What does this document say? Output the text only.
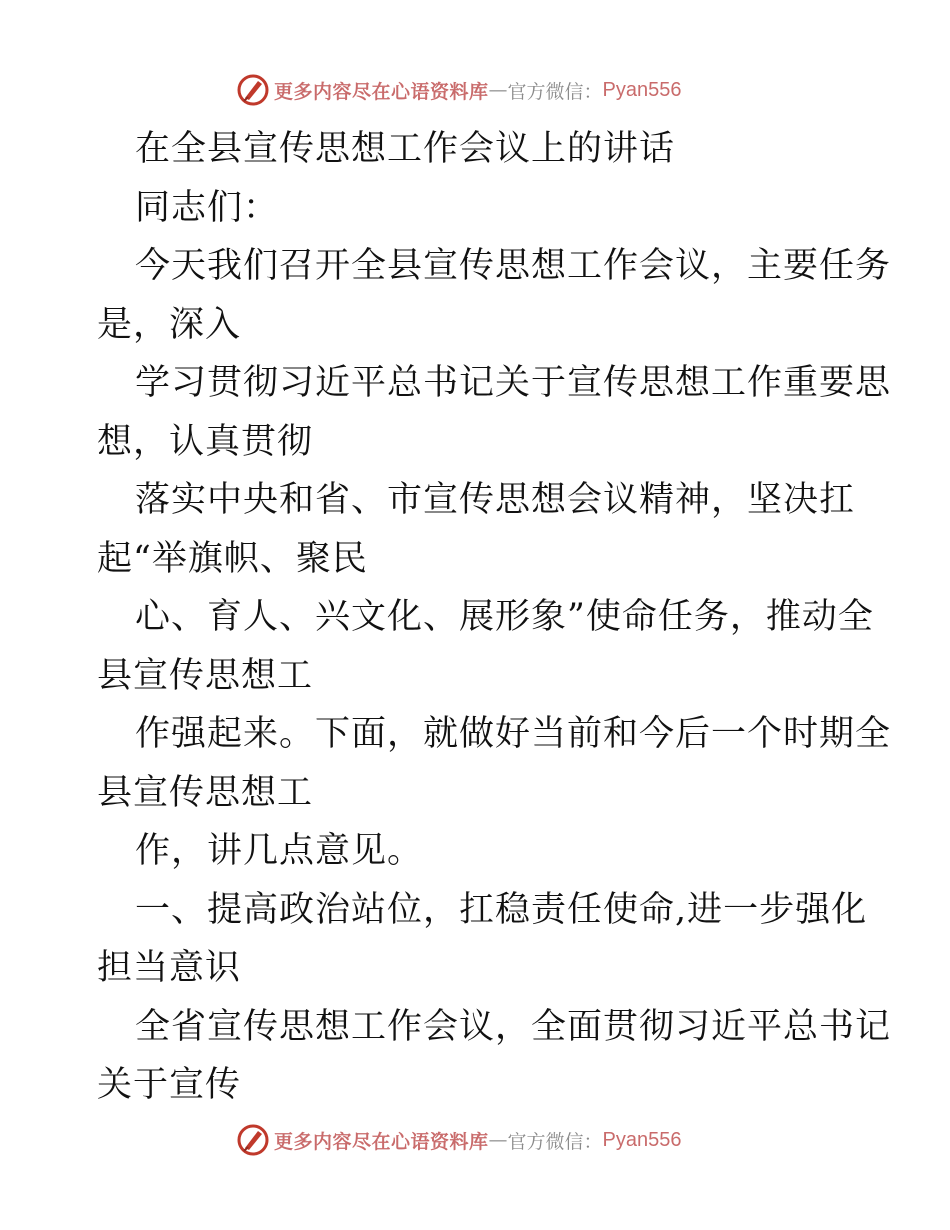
更多内容尽在心语资料库 — 官方微信： Pyan556
在全县宣传思想工作会议上的讲话
同志们：
今天我们召开全县宣传思想工作会议，主要任务
是，深入
学习贯彻习近平总书记关于宣传思想工作重要思
想，认真贯彻
落实中央和省、市宣传思想会议精神，坚决扛
起“举旗帜、聚民
心、育人、兴文化、展形象”使命任务，推动全
县宣传思想工
作强起来。下面，就做好当前和今后一个时期全
县宣传思想工
作，讲几点意见。
一、提高政治站位，扛稳责任使命,进一步强化
担当意识
全省宣传思想工作会议，全面贯彻习近平总书记
关于宣传
更多内容尽在心语资料库 — 官方微信： Pyan556
